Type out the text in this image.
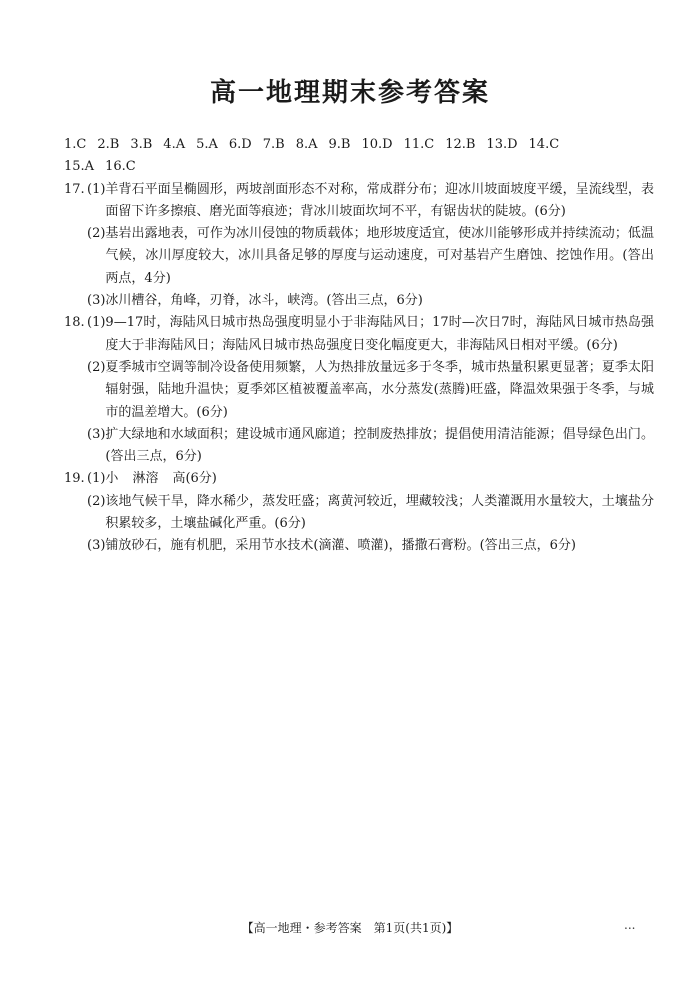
高一地理期末参考答案
1.C 2.B 3.B 4.A 5.A 6.D 7.B 8.A 9.B 10.D 11.C 12.B 13.D 14.C
15.A 16.C
17. (1) 羊背石平面呈椭圆形，两坡剖面形态不对称，常成群分布；迎冰川坡面坡度平缓，呈流线型，表面留下许多擦痕、磨光面等痕迹；背冰川坡面坎坷不平，有锯齿状的陡坡。(6分)
(2) 基岩出露地表，可作为冰川侵蚀的物质载体；地形坡度适宜，使冰川能够形成并持续流动；低温气候，冰川厚度较大，冰川具备足够的厚度与运动速度，可对基岩产生磨蚀、挖蚀作用。(答出两点，4分)
(3) 冰川槽谷，角峰，刃脊，冰斗，峡湾。(答出三点，6分)
18. (1) 9—17时，海陆风日城市热岛强度明显小于非海陆风日；17时—次日7时，海陆风日城市热岛强度大于非海陆风日；海陆风日城市热岛强度日变化幅度更大，非海陆风日相对平缓。(6分)
(2) 夏季城市空调等制冷设备使用频繁，人为热排放量远多于冬季，城市热量积累更显著；夏季太阳辐射强，陆地升温快；夏季郊区植被覆盖率高，水分蒸发(蒸腾)旺盛，降温效果强于冬季，与城市的温差增大。(6分)
(3) 扩大绿地和水域面积；建设城市通风廊道；控制废热排放；提倡使用清洁能源；倡导绿色出门。(答出三点，6分)
19. (1) 小 淋溶 高(6分)
(2) 该地气候干旱，降水稀少，蒸发旺盛；离黄河较近，埋藏较浅；人类灌溉用水量较大，土壤盐分积累较多，土壤盐碱化严重。(6分)
(3) 铺放砂石，施有机肥，采用节水技术(滴灌、喷灌)，播撒石膏粉。(答出三点，6分)
【高一地理・参考答案　第1页(共1页)】	...
